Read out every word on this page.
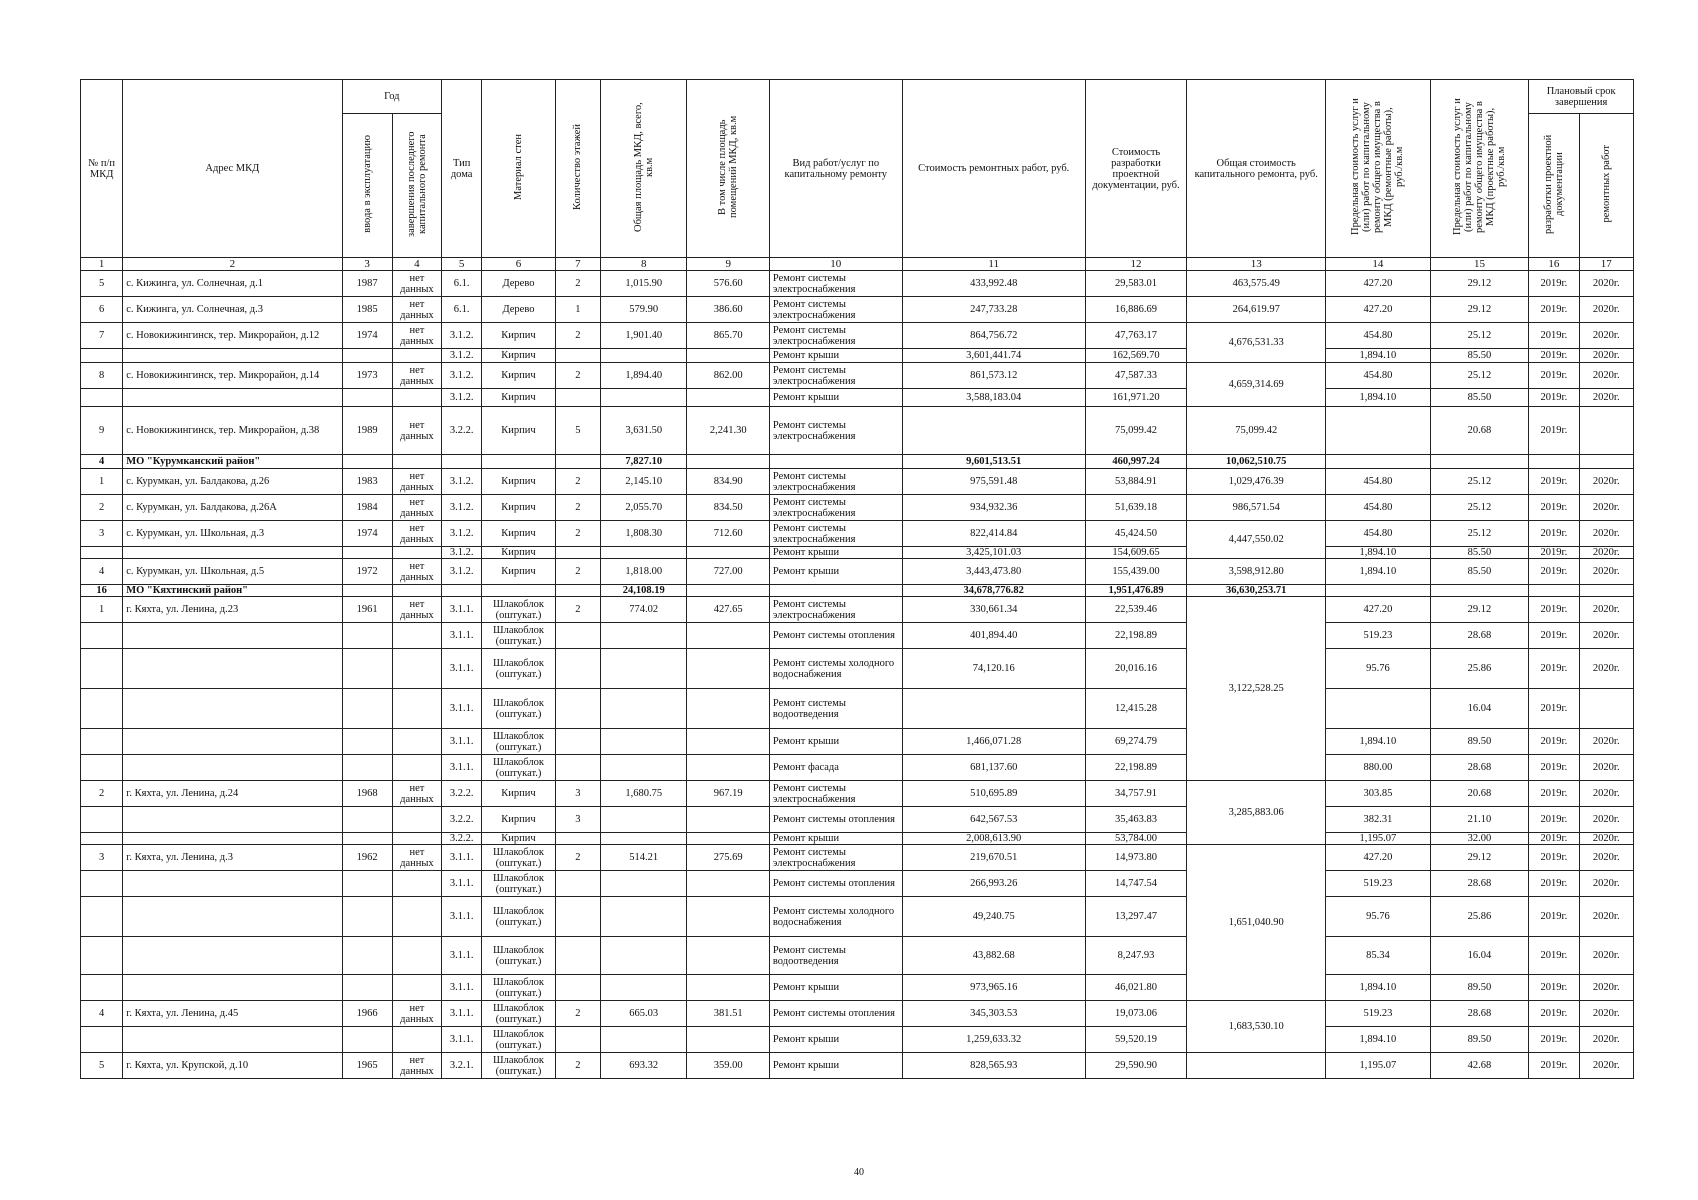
№ п/п МКД	Адрес МКД	Год		Тип дома	Материал стен	Количество этажей	Общая площадь МКД, всего, кв.м	В том числе площадь помещений МКД, кв.м	Вид работ/услуг по капитальному ремонту	Стоимость ремонтных работ, руб.	Стоимость разработки проектной документации, руб.	Общая стоимость капитального ремонта, руб.	Предельная стоимость услуг и (или) работ по капитальному ремонту общего имущества в МКД (ремонтные работы), руб./кв.м	Предельная стоимость услуг и (или) работ по капитальному ремонту общего имущества в МКД (проектные работы), руб./кв.м	Плановый срок завершения	
		ввода в эксплуатацию	завершения последнего капитального ремонта												разработки проектной документации	ремонтных работ
1	2	3	4	5	6	7	8	9	10	11	12	13	14	15	16	17
5	с. Кижинга, ул. Солнечная, д.1	1987	нет данных	6.1.	Дерево	2	1,015.90	576.60	Ремонт системы электроснабжения	433,992.48	29,583.01	463,575.49	427.20	29.12	2019г.	2020г.
6	с. Кижинга, ул. Солнечная, д.3	1985	нет данных	6.1.	Дерево	1	579.90	386.60	Ремонт системы электроснабжения	247,733.28	16,886.69	264,619.97	427.20	29.12	2019г.	2020г.
7	с. Новокижингинск, тер. Микрорайон, д.12	1974	нет данных	3.1.2.	Кирпич	2	1,901.40	865.70	Ремонт системы электроснабжения	864,756.72	47,763.17	4,676,531.33	454.80	25.12	2019г.	2020г.
				3.1.2.	Кирпич				Ремонт крыши	3,601,441.74	162,569.70		1,894.10	85.50	2019г.	2020г.
8	с. Новокижингинск, тер. Микрорайон, д.14	1973	нет данных	3.1.2.	Кирпич	2	1,894.40	862.00	Ремонт системы электроснабжения	861,573.12	47,587.33	4,659,314.69	454.80	25.12	2019г.	2020г.
				3.1.2.	Кирпич				Ремонт крыши	3,588,183.04	161,971.20		1,894.10	85.50	2019г.	2020г.
9	с. Новокижингинск, тер. Микрорайон, д.38	1989	нет данных	3.2.2.	Кирпич	5	3,631.50	2,241.30	Ремонт системы электроснабжения		75,099.42	75,099.42		20.68	2019г.	
4	МО "Курумканский район"						7,827.10			9,601,513.51	460,997.24	10,062,510.75				
1	с. Курумкан, ул. Балдакова, д.26	1983	нет данных	3.1.2.	Кирпич	2	2,145.10	834.90	Ремонт системы электроснабжения	975,591.48	53,884.91	1,029,476.39	454.80	25.12	2019г.	2020г.
2	с. Курумкан, ул. Балдакова, д.26А	1984	нет данных	3.1.2.	Кирпич	2	2,055.70	834.50	Ремонт системы электроснабжения	934,932.36	51,639.18	986,571.54	454.80	25.12	2019г.	2020г.
3	с. Курумкан, ул. Школьная, д.3	1974	нет данных	3.1.2.	Кирпич	2	1,808.30	712.60	Ремонт системы электроснабжения	822,414.84	45,424.50	4,447,550.02	454.80	25.12	2019г.	2020г.
				3.1.2.	Кирпич				Ремонт крыши	3,425,101.03	154,609.65		1,894.10	85.50	2019г.	2020г.
4	с. Курумкан, ул. Школьная, д.5	1972	нет данных	3.1.2.	Кирпич	2	1,818.00	727.00	Ремонт крыши	3,443,473.80	155,439.00	3,598,912.80	1,894.10	85.50	2019г.	2020г.
16	МО "Кяхтинский район"						24,108.19			34,678,776.82	1,951,476.89	36,630,253.71				
1	г. Кяхта, ул. Ленина, д.23	1961	нет данных	3.1.1.	Шлакоблок (оштукат.)	2	774.02	427.65	Ремонт системы электроснабжения	330,661.34	22,539.46	3,122,528.25	427.20	29.12	2019г.	2020г.
				3.1.1.	Шлакоблок (оштукат.)				Ремонт системы отопления	401,894.40	22,198.89		519.23	28.68	2019г.	2020г.
				3.1.1.	Шлакоблок (оштукат.)				Ремонт системы холодного водоснабжения	74,120.16	20,016.16		95.76	25.86	2019г.	2020г.
				3.1.1.	Шлакоблок (оштукат.)				Ремонт системы водоотведения		12,415.28			16.04	2019г.	
				3.1.1.	Шлакоблок (оштукат.)				Ремонт крыши	1,466,071.28	69,274.79		1,894.10	89.50	2019г.	2020г.
				3.1.1.	Шлакоблок (оштукат.)				Ремонт фасада	681,137.60	22,198.89		880.00	28.68	2019г.	2020г.
2	г. Кяхта, ул. Ленина, д.24	1968	нет данных	3.2.2.	Кирпич	3	1,680.75	967.19	Ремонт системы электроснабжения	510,695.89	34,757.91	3,285,883.06	303.85	20.68	2019г.	2020г.
				3.2.2.	Кирпич	3			Ремонт системы отопления	642,567.53	35,463.83		382.31	21.10	2019г.	2020г.
				3.2.2.	Кирпич				Ремонт крыши	2,008,613.90	53,784.00		1,195.07	32.00	2019г.	2020г.
3	г. Кяхта, ул. Ленина, д.3	1962	нет данных	3.1.1.	Шлакоблок (оштукат.)	2	514.21	275.69	Ремонт системы электроснабжения	219,670.51	14,973.80	1,651,040.90	427.20	29.12	2019г.	2020г.
				3.1.1.	Шлакоблок (оштукат.)				Ремонт системы отопления	266,993.26	14,747.54		519.23	28.68	2019г.	2020г.
				3.1.1.	Шлакоблок (оштукат.)				Ремонт системы холодного водоснабжения	49,240.75	13,297.47		95.76	25.86	2019г.	2020г.
				3.1.1.	Шлакоблок (оштукат.)				Ремонт системы водоотведения	43,882.68	8,247.93		85.34	16.04	2019г.	2020г.
				3.1.1.	Шлакоблок (оштукат.)				Ремонт крыши	973,965.16	46,021.80		1,894.10	89.50	2019г.	2020г.
4	г. Кяхта, ул. Ленина, д.45	1966	нет данных	3.1.1.	Шлакоблок (оштукат.)	2	665.03	381.51	Ремонт системы отопления	345,303.53	19,073.06	1,683,530.10	519.23	28.68	2019г.	2020г.
				3.1.1.	Шлакоблок (оштукат.)				Ремонт крыши	1,259,633.32	59,520.19		1,894.10	89.50	2019г.	2020г.
5	г. Кяхта, ул. Крупской, д.10	1965	нет данных	3.2.1.	Шлакоблок (оштукат.)	2	693.32	359.00	Ремонт крыши	828,565.93	29,590.90		1,195.07	42.68	2019г.	2020г.
40
